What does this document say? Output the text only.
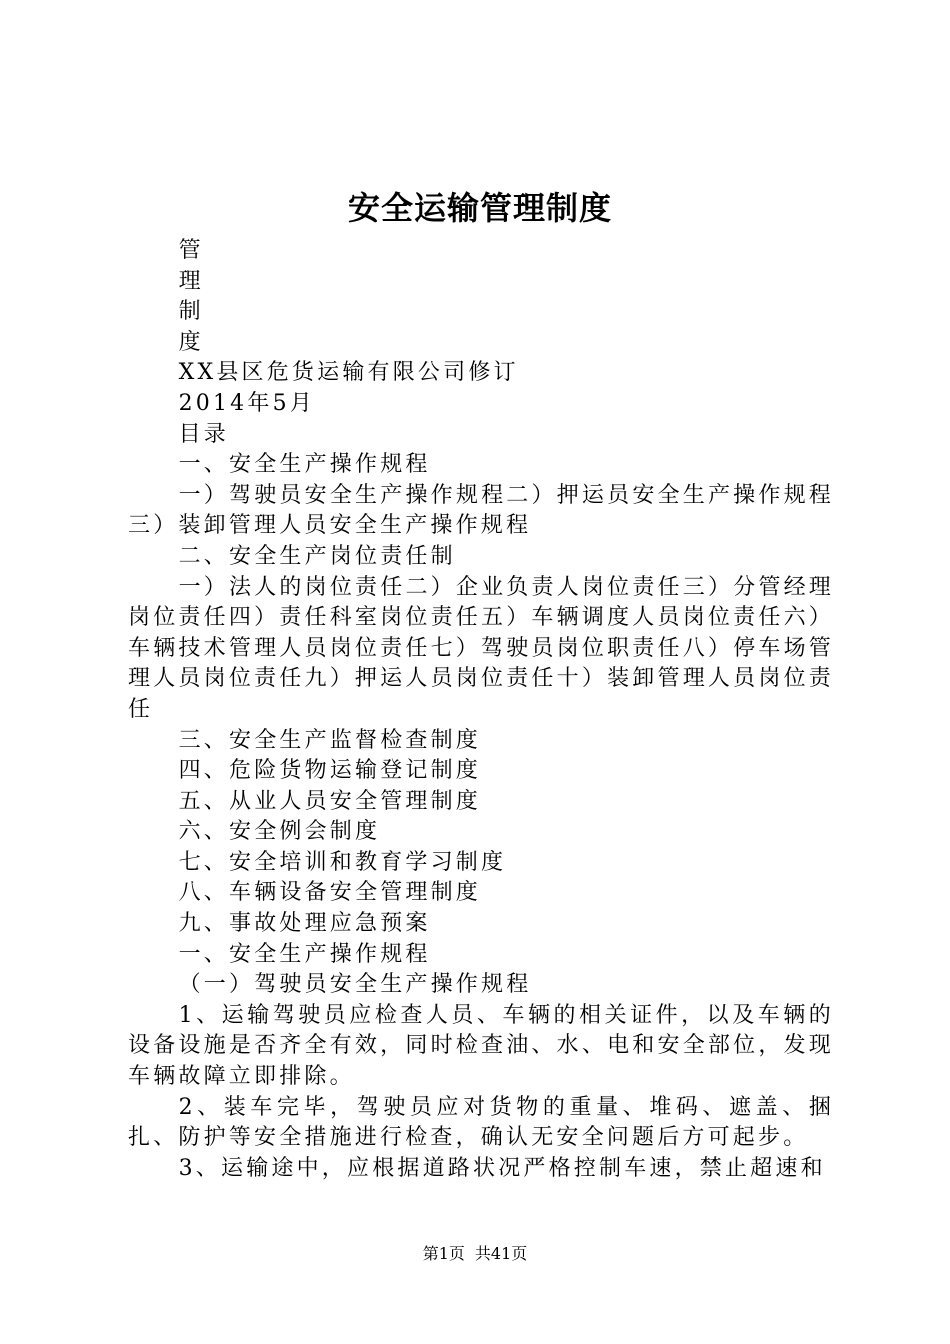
安全运输管理制度

管

理

制

度

XX县区危货运输有限公司修订

2014年5月

目录

一、安全生产操作规程

一）驾驶员安全生产操作规程二）押运员安全生产操作规程三）装卸管理人员安全生产操作规程

二、安全生产岗位责任制

一）法人的岗位责任二）企业负责人岗位责任三）分管经理岗位责任四）责任科室岗位责任五）车辆调度人员岗位责任六）车辆技术管理人员岗位责任七）驾驶员岗位职责任八）停车场管理人员岗位责任九）押运人员岗位责任十）装卸管理人员岗位责任

三、安全生产监督检查制度

四、危险货物运输登记制度

五、从业人员安全管理制度

六、安全例会制度

七、安全培训和教育学习制度

八、车辆设备安全管理制度

九、事故处理应急预案

一、安全生产操作规程

（一）驾驶员安全生产操作规程

1、运输驾驶员应检查人员、车辆的相关证件，以及车辆的设备设施是否齐全有效，同时检查油、水、电和安全部位，发现车辆故障立即排除。

2、装车完毕，驾驶员应对货物的重量、堆码、遮盖、捆扎、防护等安全措施进行检查，确认无安全问题后方可起步。

3、运输途中，应根据道路状况严格控制车速，禁止超速和

第1页 共41页
